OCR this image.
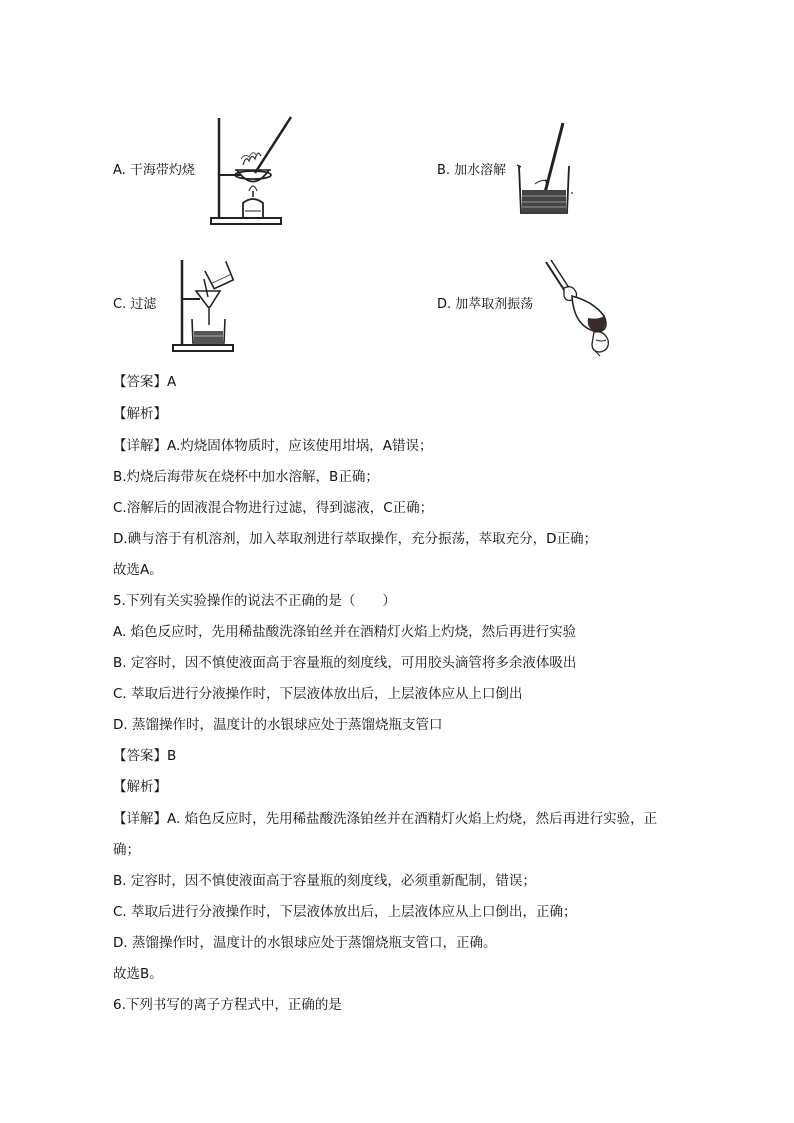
A. 干海带灼烧	B. 加水溶解
C. 过滤	D. 加萃取剂振荡
【答案】A
【解析】
【详解】A.灼烧固体物质时，应该使用坩埚，A错误；
B.灼烧后海带灰在烧杯中加水溶解，B正确；
C.溶解后的固液混合物进行过滤，得到滤液，C正确；
D.碘与溶于有机溶剂，加入萃取剂进行萃取操作，充分振荡，萃取充分，D正确；
故选A。
5.下列有关实验操作的说法不正确的是（　　）
A. 焰色反应时，先用稀盐酸洗涤铂丝并在酒精灯火焰上灼烧，然后再进行实验
B. 定容时，因不慎使液面高于容量瓶的刻度线，可用胶头滴管将多余液体吸出
C. 萃取后进行分液操作时，下层液体放出后，上层液体应从上口倒出
D. 蒸馏操作时，温度计的水银球应处于蒸馏烧瓶支管口
【答案】B
【解析】
【详解】A. 焰色反应时，先用稀盐酸洗涤铂丝并在酒精灯火焰上灼烧，然后再进行实验，正
确；
B. 定容时，因不慎使液面高于容量瓶的刻度线，必须重新配制，错误；
C. 萃取后进行分液操作时，下层液体放出后，上层液体应从上口倒出，正确；
D. 蒸馏操作时，温度计的水银球应处于蒸馏烧瓶支管口，正确。
故选B。
6.下列书写的离子方程式中，正确的是
